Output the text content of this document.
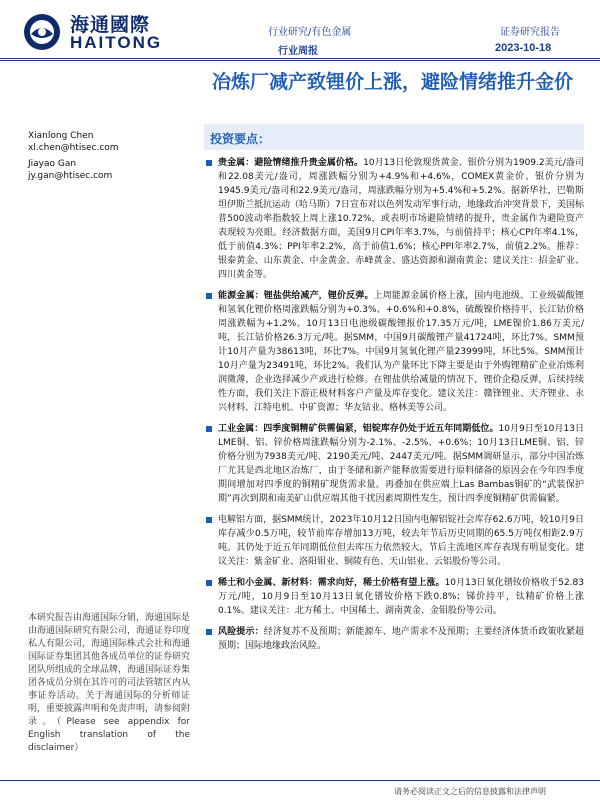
海通國際
HAITONG
行业研究/有色金属
行业周报
证券研究报告
2023-10-18
冶炼厂减产致锂价上涨，避险情绪推升金价
Xianlong Chen
xl.chen@htisec.com
Jiayao Gan
jy.gan@htisec.com
投资要点：
贵金属：避险情绪推升贵金属价格。10月13日伦敦现货黄金、银价分别为1909.2美元/盎司和22.08美元/盎司，周涨跌幅分别为+4.9%和+4.6%，COMEX黄金价、银价分别为1945.9美元/盎司和22.9美元/盎司，周涨跌幅分别为+5.4%和+5.2%。据新华社，巴勒斯坦伊斯兰抵抗运动（哈马斯）7日宣布对以色列发动军事行动，地缘政治冲突背景下，美国标普500波动率指数较上周上涨10.72%，或表明市场避险情绪的提升，贵金属作为避险资产表现较为亮眼。经济数据方面，美国9月CPI年率3.7%，与前值持平；核心CPI年率4.1%，低于前值4.3%；PPI年率2.2%，高于前值1.6%；核心PPI年率2.7%，前值2.2%。推荐：银泰黄金、山东黄金、中金黄金、赤峰黄金、盛达资源和湖南黄金；建议关注：招金矿业、四川黄金等。
能源金属：锂盐供给减产，锂价反弹。上周能源金属价格上涨，国内电池级、工业级碳酸锂和氢氧化锂价格周涨跌幅分别为+0.3%、+0.6%和+0.8%，硫酸镍价格持平，长江钴价格周涨跌幅为+1.2%。10月13日电池级碳酸锂报价17.35万元/吨，LME镍价1.86万美元/吨，长江钴价格26.3万元/吨。据SMM，中国9月碳酸锂产量41724吨，环比7%。SMM预计10月产量为38613吨，环比7%。中国9月氢氧化锂产量23999吨，环比5%。SMM预计10月产量为23491吨，环比2%。我们认为产量环比下降主要是由于外购锂精矿企业冶炼利润微薄，企业选择减少产或进行检修。在锂盐供给减量的情况下，锂价企稳反弹，后续持续性方面，我们关注下游正极材料客户产量及库存变化。建议关注：赣锋锂业、天齐锂业、永兴材料、江特电机、中矿资源；华友钴业、格林美等公司。
工业金属：四季度铜精矿供需偏紧，铝锭库存仍处于近五年同期低位。10月9日至10月13日LME铜、铝、锌价格周涨跌幅分别为-2.1%、-2.5%、+0.6%；10月13日LME铜、铝、锌价格分别为7938美元/吨、2190美元/吨、2447美元/吨。据SMM调研显示，部分中国冶炼厂尤其是西北地区冶炼厂，由于冬储和新产能释放需要进行原料储备的原因会在今年四季度期间增加对四季度的铜精矿现货需求量。再叠加在供应端上Las Bambas铜矿的“武装保护期”再次到期和南美矿山供应端其他干扰因素周期性发生，预计四季度铜精矿供需偏紧。
电解铝方面，据SMM统计，2023年10月12日国内电解铝锭社会库存62.6万吨，较10月9日库存减少0.5万吨，较节前库存增加13万吨，较去年节后历史同期的65.5万吨仅相距2.9万吨。其仍处于近五年同期低位但去库压力依然较大，节后主流地区库存表现有明显变化。建议关注：紫金矿业、洛阳钼业、铜陵有色、天山铝业、云铝股份等公司。
稀土和小金属、新材料：需求向好，稀土价格有望上涨。10月13日氧化镨钕价格收于52.83万元/吨，10月9日至10月13日氧化镨钕价格下跌0.8%；锑价持平，钛精矿价格上涨0.1%。建议关注：北方稀土、中国稀土、湖南黄金、金钼股份等公司。
风险提示：经济复苏不及预期；新能源车、地产需求不及预期；主要经济体货币政策收紧超预期；国际地缘政治风险。
本研究报告由海通国际分销，海通国际是由海通国际研究有限公司，海通证券印度私人有限公司，海通国际株式会社和海通国际证券集团其他各成员单位的证券研究团队所组成的全球品牌，海通国际证券集团各成员分别在其许可的司法管辖区内从事证券活动。关于海通国际的分析师证明，重要披露声明和免责声明，请参阅附录。（Please see appendix for English translation of the disclaimer）
请务必阅读正文之后的信息披露和法律声明
